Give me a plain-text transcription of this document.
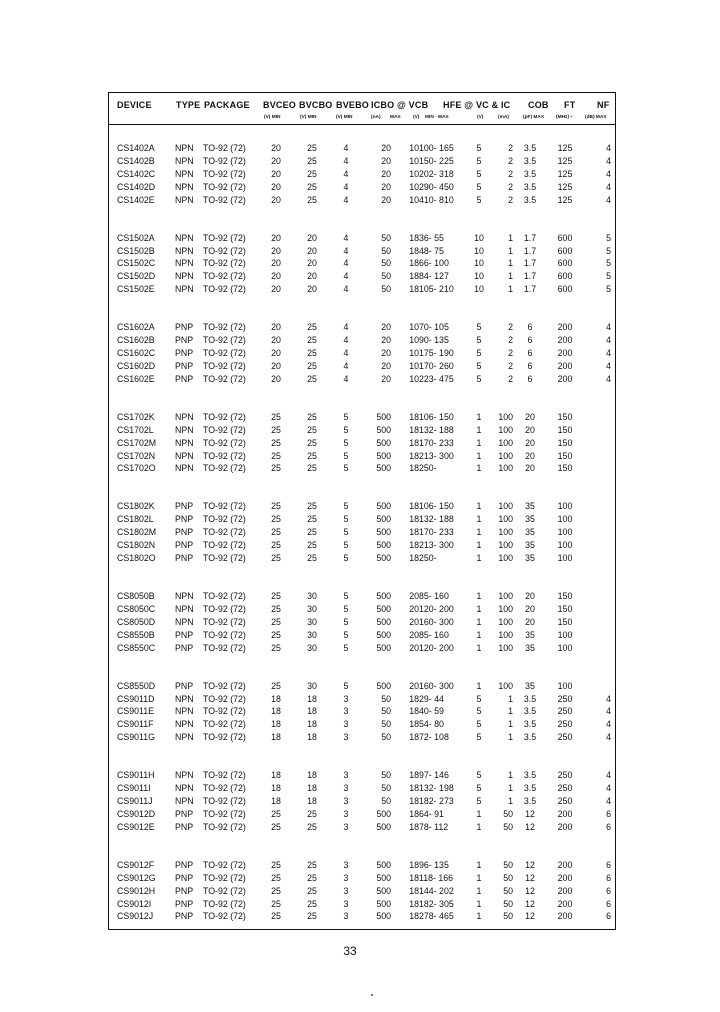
DEVICE	TYPE PACKAGE BVCEO BVCBO BVEBO ICBO @ VCB HFE @ VC & IC COB FT NF
(V) MIN	(V) MIN	(V) MIN	(nA) MAX	(V) MIN - MAX	(V)	(mA)	(pF) MAX (MHz) •	(dB) MAX
CS1402A	NPN	TO-92 (72)	20	25	4	20	10 100- 165	5	2	3.5	125	4
CS1402B	NPN	TO-92 (72)	20	25	4	20	10 150- 225	5	2	3.5	125	4
CS1402C	NPN	TO-92 (72)	20	25	4	20	10 202- 318	5	2	3.5	125	4
CS1402D	NPN	TO-92 (72)	20	25	4	20	10 290- 450	5	2	3.5	125	4
CS1402E	NPN	TO-92 (72)	20	25	4	20	10 410- 810	5	2	3.5	125	4
CS1502A	NPN	TO-92 (72)	20	20	4	50	18 36- 55	10	1	1.7	600	5
CS1502B	NPN	TO-92 (72)	20	20	4	50	18 48- 75	10	1	1.7	600	5
CS1502C	NPN	TO-92 (72)	20	20	4	50	18 66- 100	10	1	1.7	600	5
CS1502D	NPN	TO-92 (72)	20	20	4	50	18 84- 127	10	1	1.7	600	5
CS1502E	NPN	TO-92 (72)	20	20	4	50	18 105- 210	10	1	1.7	600	5
CS1602A	PNP	TO-92 (72)	20	25	4	20	10 70- 105	5	2	6	200	4
CS1602B	PNP	TO-92 (72)	20	25	4	20	10 90- 135	5	2	6	200	4
CS1602C	PNP	TO-92 (72)	20	25	4	20	10 175- 190	5	2	6	200	4
CS1602D	PNP	TO-92 (72)	20	25	4	20	10 170- 260	5	2	6	200	4
CS1602E	PNP	TO-92 (72)	20	25	4	20	10 223- 475	5	2	6	200	4
CS1702K	NPN	TO-92 (72)	25	25	5	500	18 106- 150	1	100	20	150
CS1702L	NPN	TO-92 (72)	25	25	5	500	18 132- 188	1	100	20	150
CS1702M	NPN	TO-92 (72)	25	25	5	500	18 170- 233	1	100	20	150
CS1702N	NPN	TO-92 (72)	25	25	5	500	18 213- 300	1	100	20	150
CS1702O	NPN	TO-92 (72)	25	25	5	500	18 250-	1	100	20	150
CS1802K	PNP	TO-92 (72)	25	25	5	500	18 106- 150	1	100	35	100
CS1802L	PNP	TO-92 (72)	25	25	5	500	18 132- 188	1	100	35	100
CS1802M	PNP	TO-92 (72)	25	25	5	500	18 170- 233	1	100	35	100
CS1802N	PNP	TO-92 (72)	25	25	5	500	18 213- 300	1	100	35	100
CS1802O	PNP	TO-92 (72)	25	25	5	500	18 250-	1	100	35	100
CS8050B	NPN	TO-92 (72)	25	30	5	500	20 85- 160	1	100	20	150
CS8050C	NPN	TO-92 (72)	25	30	5	500	20 120- 200	1	100	20	150
CS8050D	NPN	TO-92 (72)	25	30	5	500	20 160- 300	1	100	20	150
CS8550B	PNP	TO-92 (72)	25	30	5	500	20 85- 160	1	100	35	100
CS8550C	PNP	TO-92 (72)	25	30	5	500	20 120- 200	1	100	35	100
CS8550D	PNP	TO-92 (72)	25	30	5	500	20 160- 300	1	100	35	100
CS9011D	NPN	TO-92 (72)	18	18	3	50	18 29- 44	5	1	3.5	250	4
CS9011E	NPN	TO-92 (72)	18	18	3	50	18 40- 59	5	1	3.5	250	4
CS9011F	NPN	TO-92 (72)	18	18	3	50	18 54- 80	5	1	3.5	250	4
CS9011G	NPN	TO-92 (72)	18	18	3	50	18 72- 108	5	1	3.5	250	4
CS9011H	NPN	TO-92 (72)	18	18	3	50	18 97- 146	5	1	3.5	250	4
CS9011I	NPN	TO-92 (72)	18	18	3	50	18 132- 198	5	1	3.5	250	4
CS9011J	NPN	TO-92 (72)	18	18	3	50	18 182- 273	5	1	3.5	250	4
CS9012D	PNP	TO-92 (72)	25	25	3	500	18 64- 91	1	50	12	200	6
CS9012E	PNP	TO-92 (72)	25	25	3	500	18 78- 112	1	50	12	200	6
CS9012F	PNP	TO-92 (72)	25	25	3	500	18 96- 135	1	50	12	200	6
CS9012G	PNP	TO-92 (72)	25	25	3	500	18 118- 166	1	50	12	200	6
CS9012H	PNP	TO-92 (72)	25	25	3	500	18 144- 202	1	50	12	200	6
CS9012I	PNP	TO-92 (72)	25	25	3	500	18 182- 305	1	50	12	200	6
CS9012J	PNP	TO-92 (72)	25	25	3	500	18 278- 465	1	50	12	200	6
33
